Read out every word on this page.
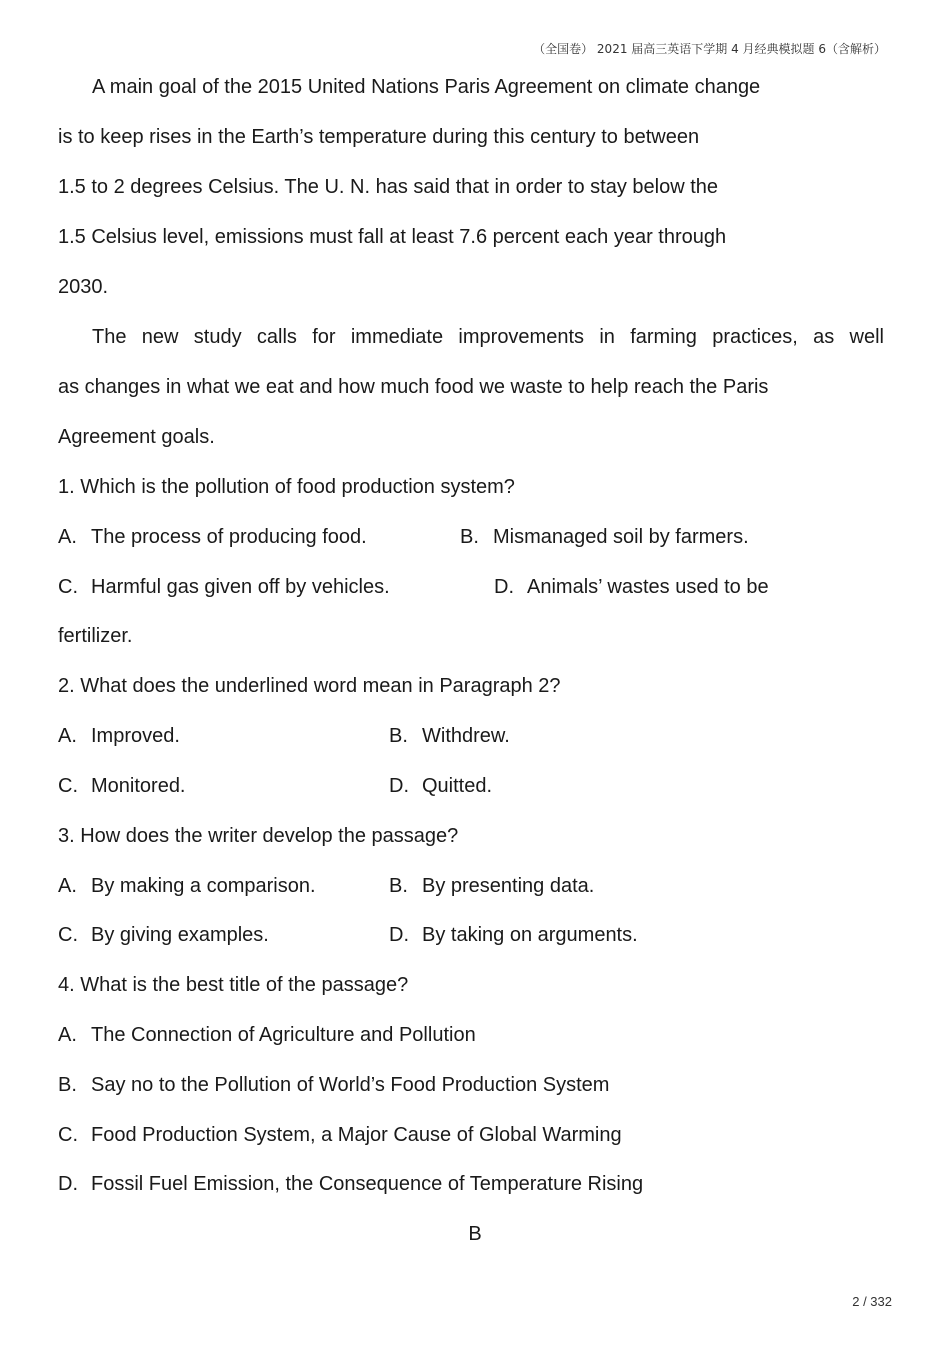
（全国卷） 2021 届高三英语下学期 4 月经典模拟题 6（含解析）
A main goal of the 2015 United Nations Paris Agreement on climate change
is to keep rises in the Earth’s temperature during this century to between
1.5 to 2 degrees Celsius. The U. N. has said that in order to stay below the
1.5 Celsius level, emissions must fall at least 7.6 percent each year through
2030.
The new study calls for immediate improvements in farming practices, as well
as changes in what we eat and how much food we waste to help reach the Paris
Agreement goals.
1. Which is the pollution of food production system?
A. The process of producing food.	B. Mismanaged soil by farmers.
C. Harmful gas given off by vehicles.	D. Animals’ wastes used to be
fertilizer.
2. What does the underlined word mean in Paragraph 2?
A. Improved.	B. Withdrew.
C. Monitored.	D. Quitted.
3. How does the writer develop the passage?
A. By making a comparison.	B. By presenting data.
C. By giving examples.	D. By taking on arguments.
4. What is the best title of the passage?
A. The Connection of Agriculture and Pollution
B. Say no to the Pollution of World’s Food Production System
C. Food Production System, a Major Cause of Global Warming
D. Fossil Fuel Emission, the Consequence of Temperature Rising
B
2 / 332
